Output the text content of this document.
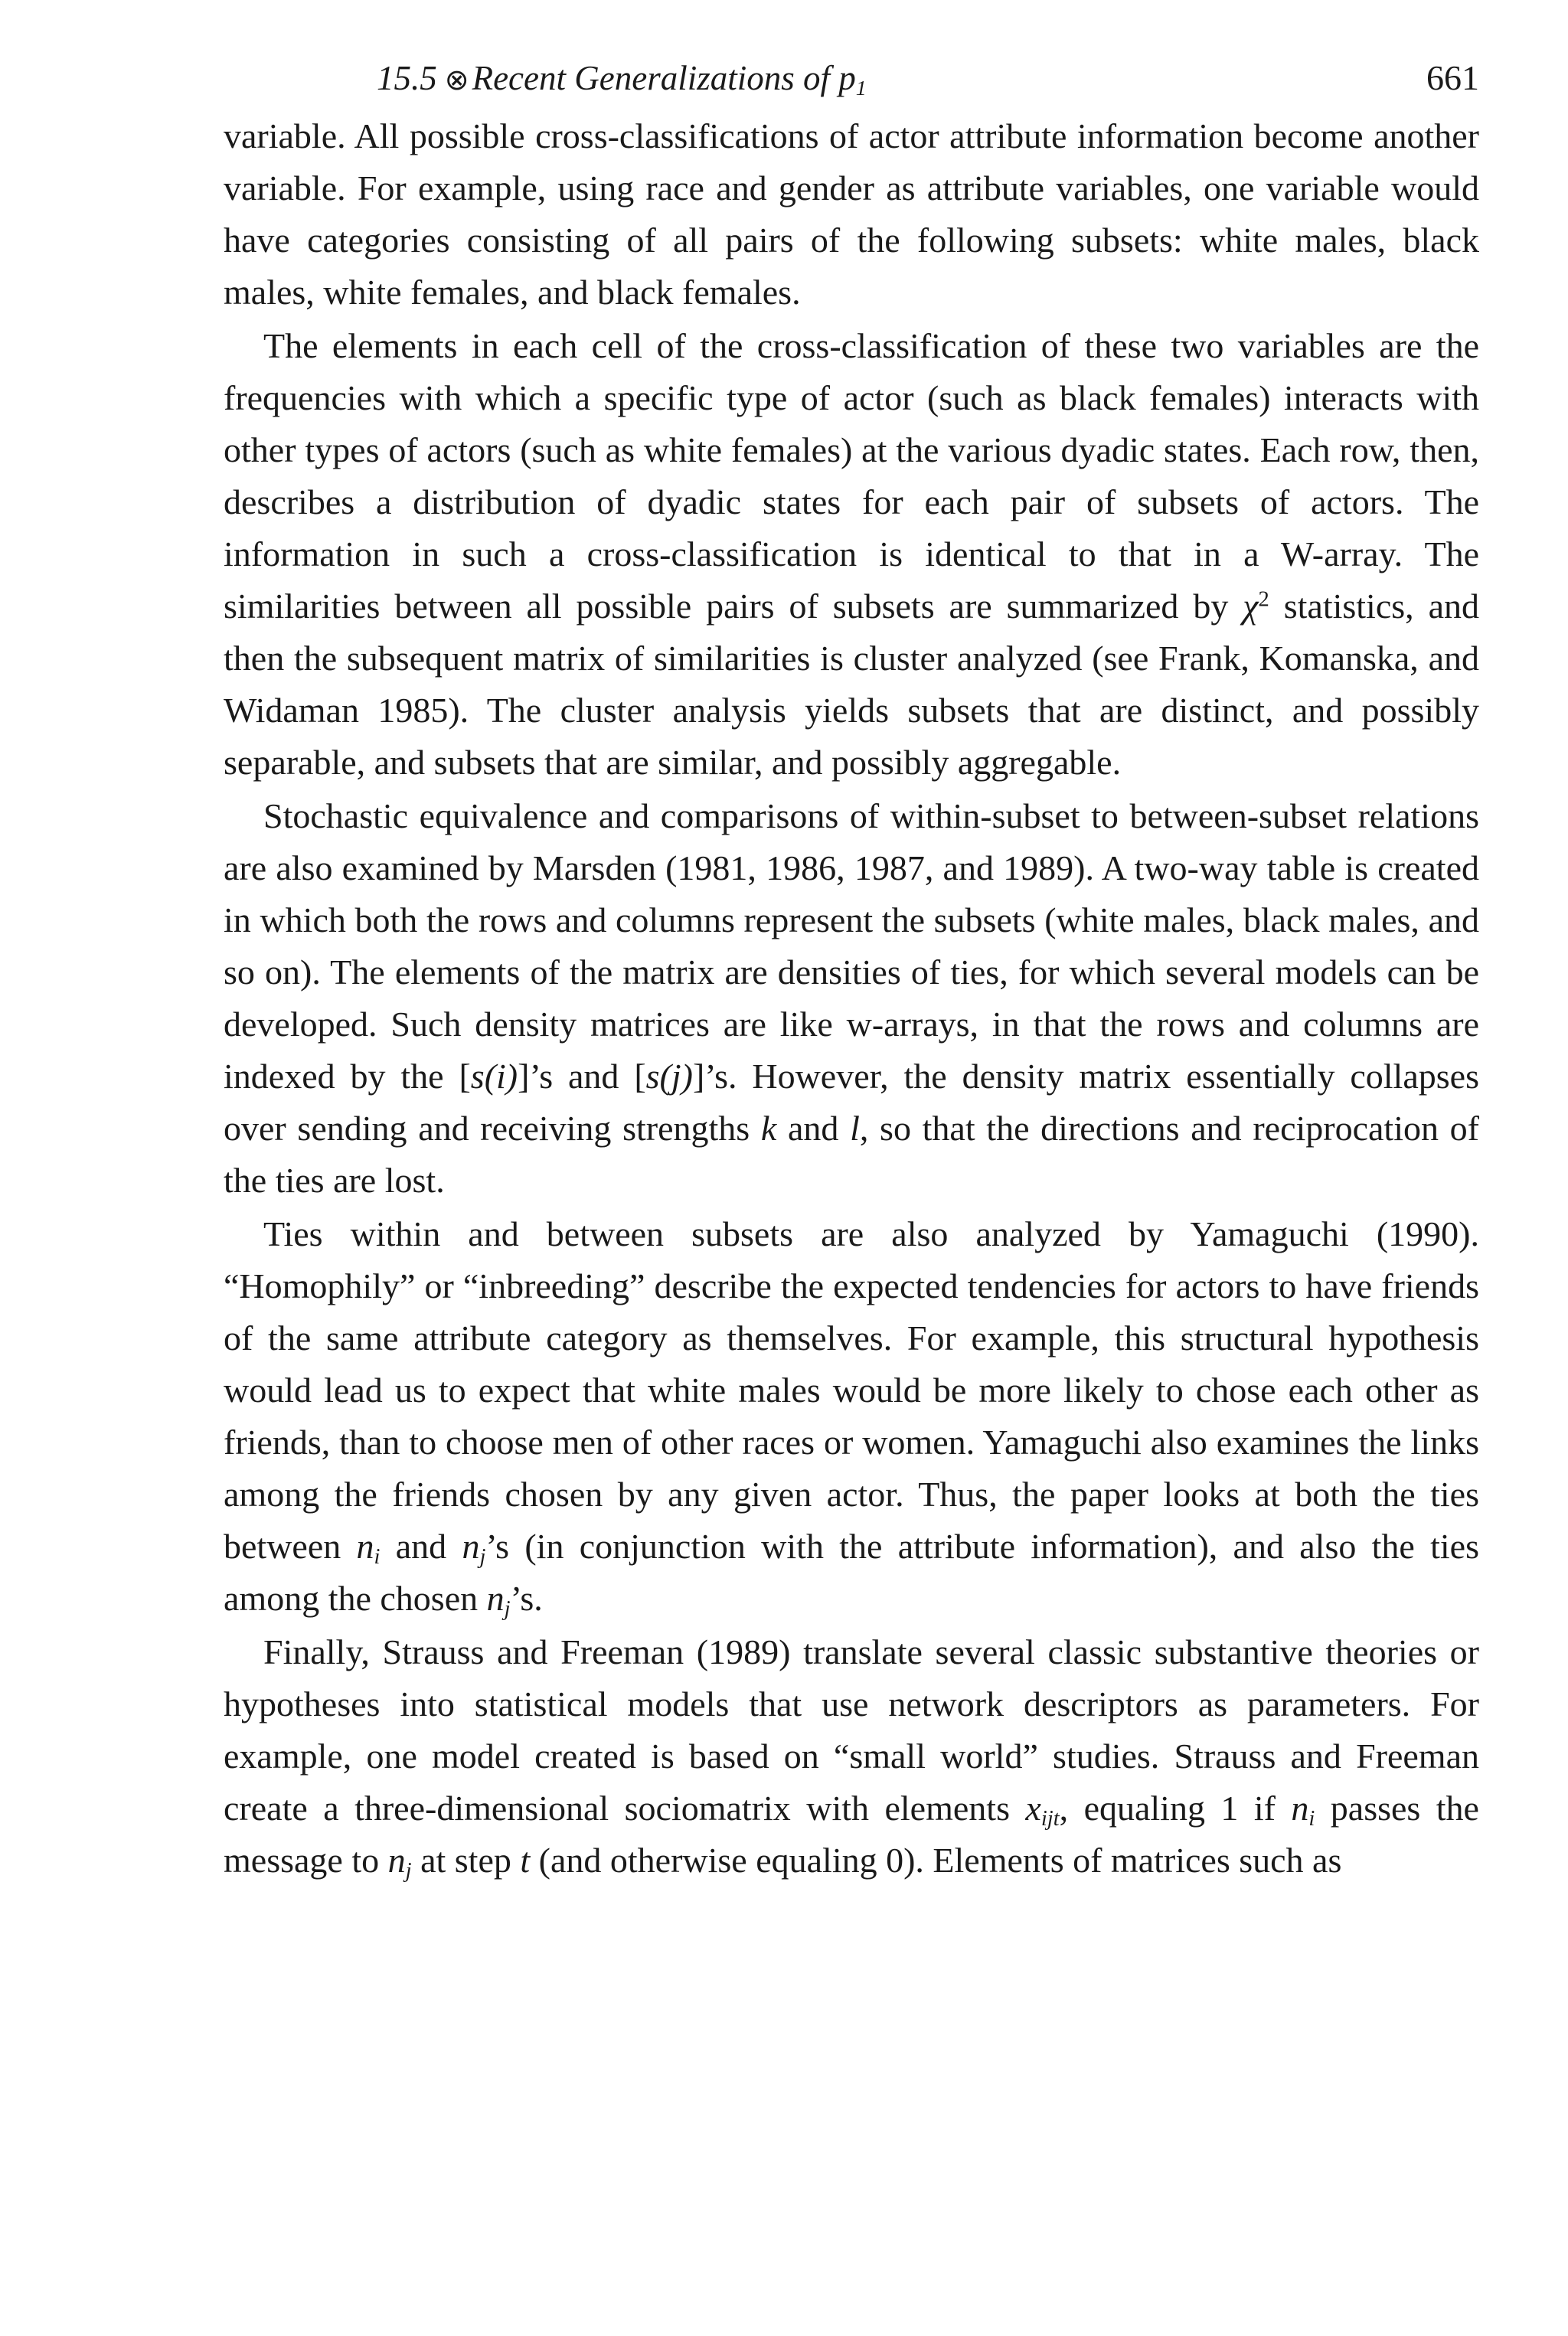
15.5 ⊗Recent Generalizations of $p_1$	661

variable. All possible cross-classifications of actor attribute information become another variable. For example, using race and gender as attribute variables, one variable would have categories consisting of all pairs of the following subsets: white males, black males, white females, and black females.

The elements in each cell of the cross-classification of these two variables are the frequencies with which a specific type of actor (such as black females) interacts with other types of actors (such as white females) at the various dyadic states. Each row, then, describes a distribution of dyadic states for each pair of subsets of actors. The information in such a cross-classification is identical to that in a W-array. The similarities between all possible pairs of subsets are summarized by $\chi^2$ statistics, and then the subsequent matrix of similarities is cluster analyzed (see Frank, Komanska, and Widaman 1985). The cluster analysis yields subsets that are distinct, and possibly separable, and subsets that are similar, and possibly aggregable.

Stochastic equivalence and comparisons of within-subset to between-subset relations are also examined by Marsden (1981, 1986, 1987, and 1989). A two-way table is created in which both the rows and columns represent the subsets (white males, black males, and so on). The elements of the matrix are densities of ties, for which several models can be developed. Such density matrices are like w-arrays, in that the rows and columns are indexed by the [s(i)]’s and [s(j)]’s. However, the density matrix essentially collapses over sending and receiving strengths k and l, so that the directions and reciprocation of the ties are lost.

Ties within and between subsets are also analyzed by Yamaguchi (1990). “Homophily” or “inbreeding” describe the expected tendencies for actors to have friends of the same attribute category as themselves. For example, this structural hypothesis would lead us to expect that white males would be more likely to chose each other as friends, than to choose men of other races or women. Yamaguchi also examines the links among the friends chosen by any given actor. Thus, the paper looks at both the ties between $n_i$ and $n_j’s$ (in conjunction with the attribute information), and also the ties among the chosen $n_j’s$.

Finally, Strauss and Freeman (1989) translate several classic substantive theories or hypotheses into statistical models that use network descriptors as parameters. For example, one model created is based on “small world” studies. Strauss and Freeman create a three-dimensional sociomatrix with elements $x_{ijt}$, equaling 1 if $n_i$ passes the message to $n_j$ at step t (and otherwise equaling 0). Elements of matrices such as
